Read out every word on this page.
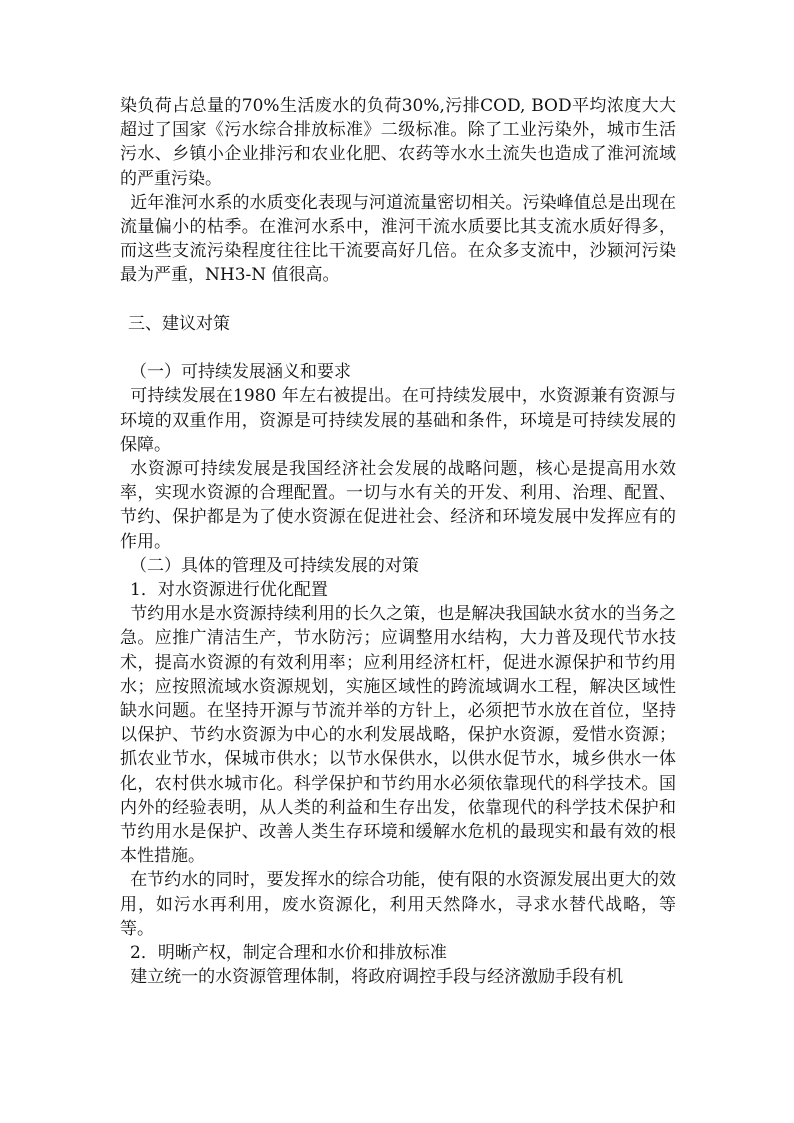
染负荷占总量的70%生活废水的负荷30%,污排COD, BOD平均浓度大大超过了国家《污水综合排放标准》二级标准。除了工业污染外，城市生活污水、乡镇小企业排污和农业化肥、农药等水水土流失也造成了淮河流域的严重污染。

近年淮河水系的水质变化表现与河道流量密切相关。污染峰值总是出现在流量偏小的枯季。在淮河水系中，淮河干流水质要比其支流水质好得多，而这些支流污染程度往往比干流要高好几倍。在众多支流中，沙颍河污染最为严重，NH3-N 值很高。

三、建议对策

（一）可持续发展涵义和要求

可持续发展在1980 年左右被提出。在可持续发展中，水资源兼有资源与环境的双重作用，资源是可持续发展的基础和条件，环境是可持续发展的保障。

水资源可持续发展是我国经济社会发展的战略问题，核心是提高用水效率，实现水资源的合理配置。一切与水有关的开发、利用、治理、配置、节约、保护都是为了使水资源在促进社会、经济和环境发展中发挥应有的作用。

（二）具体的管理及可持续发展的对策

1．对水资源进行优化配置

节约用水是水资源持续利用的长久之策，也是解决我国缺水贫水的当务之急。应推广清洁生产，节水防污；应调整用水结构，大力普及现代节水技术，提高水资源的有效利用率；应利用经济杠杆，促进水源保护和节约用水；应按照流域水资源规划，实施区域性的跨流域调水工程，解决区域性缺水问题。在坚持开源与节流并举的方针上，必须把节水放在首位，坚持以保护、节约水资源为中心的水利发展战略，保护水资源，爱惜水资源；抓农业节水，保城市供水；以节水保供水，以供水促节水，城乡供水一体化，农村供水城市化。科学保护和节约用水必须依靠现代的科学技术。国内外的经验表明，从人类的利益和生存出发，依靠现代的科学技术保护和节约用水是保护、改善人类生存环境和缓解水危机的最现实和最有效的根本性措施。

在节约水的同时，要发挥水的综合功能，使有限的水资源发展出更大的效用，如污水再利用，废水资源化，利用天然降水，寻求水替代战略，等等。

2．明晰产权，制定合理和水价和排放标准

建立统一的水资源管理体制，将政府调控手段与经济激励手段有机
